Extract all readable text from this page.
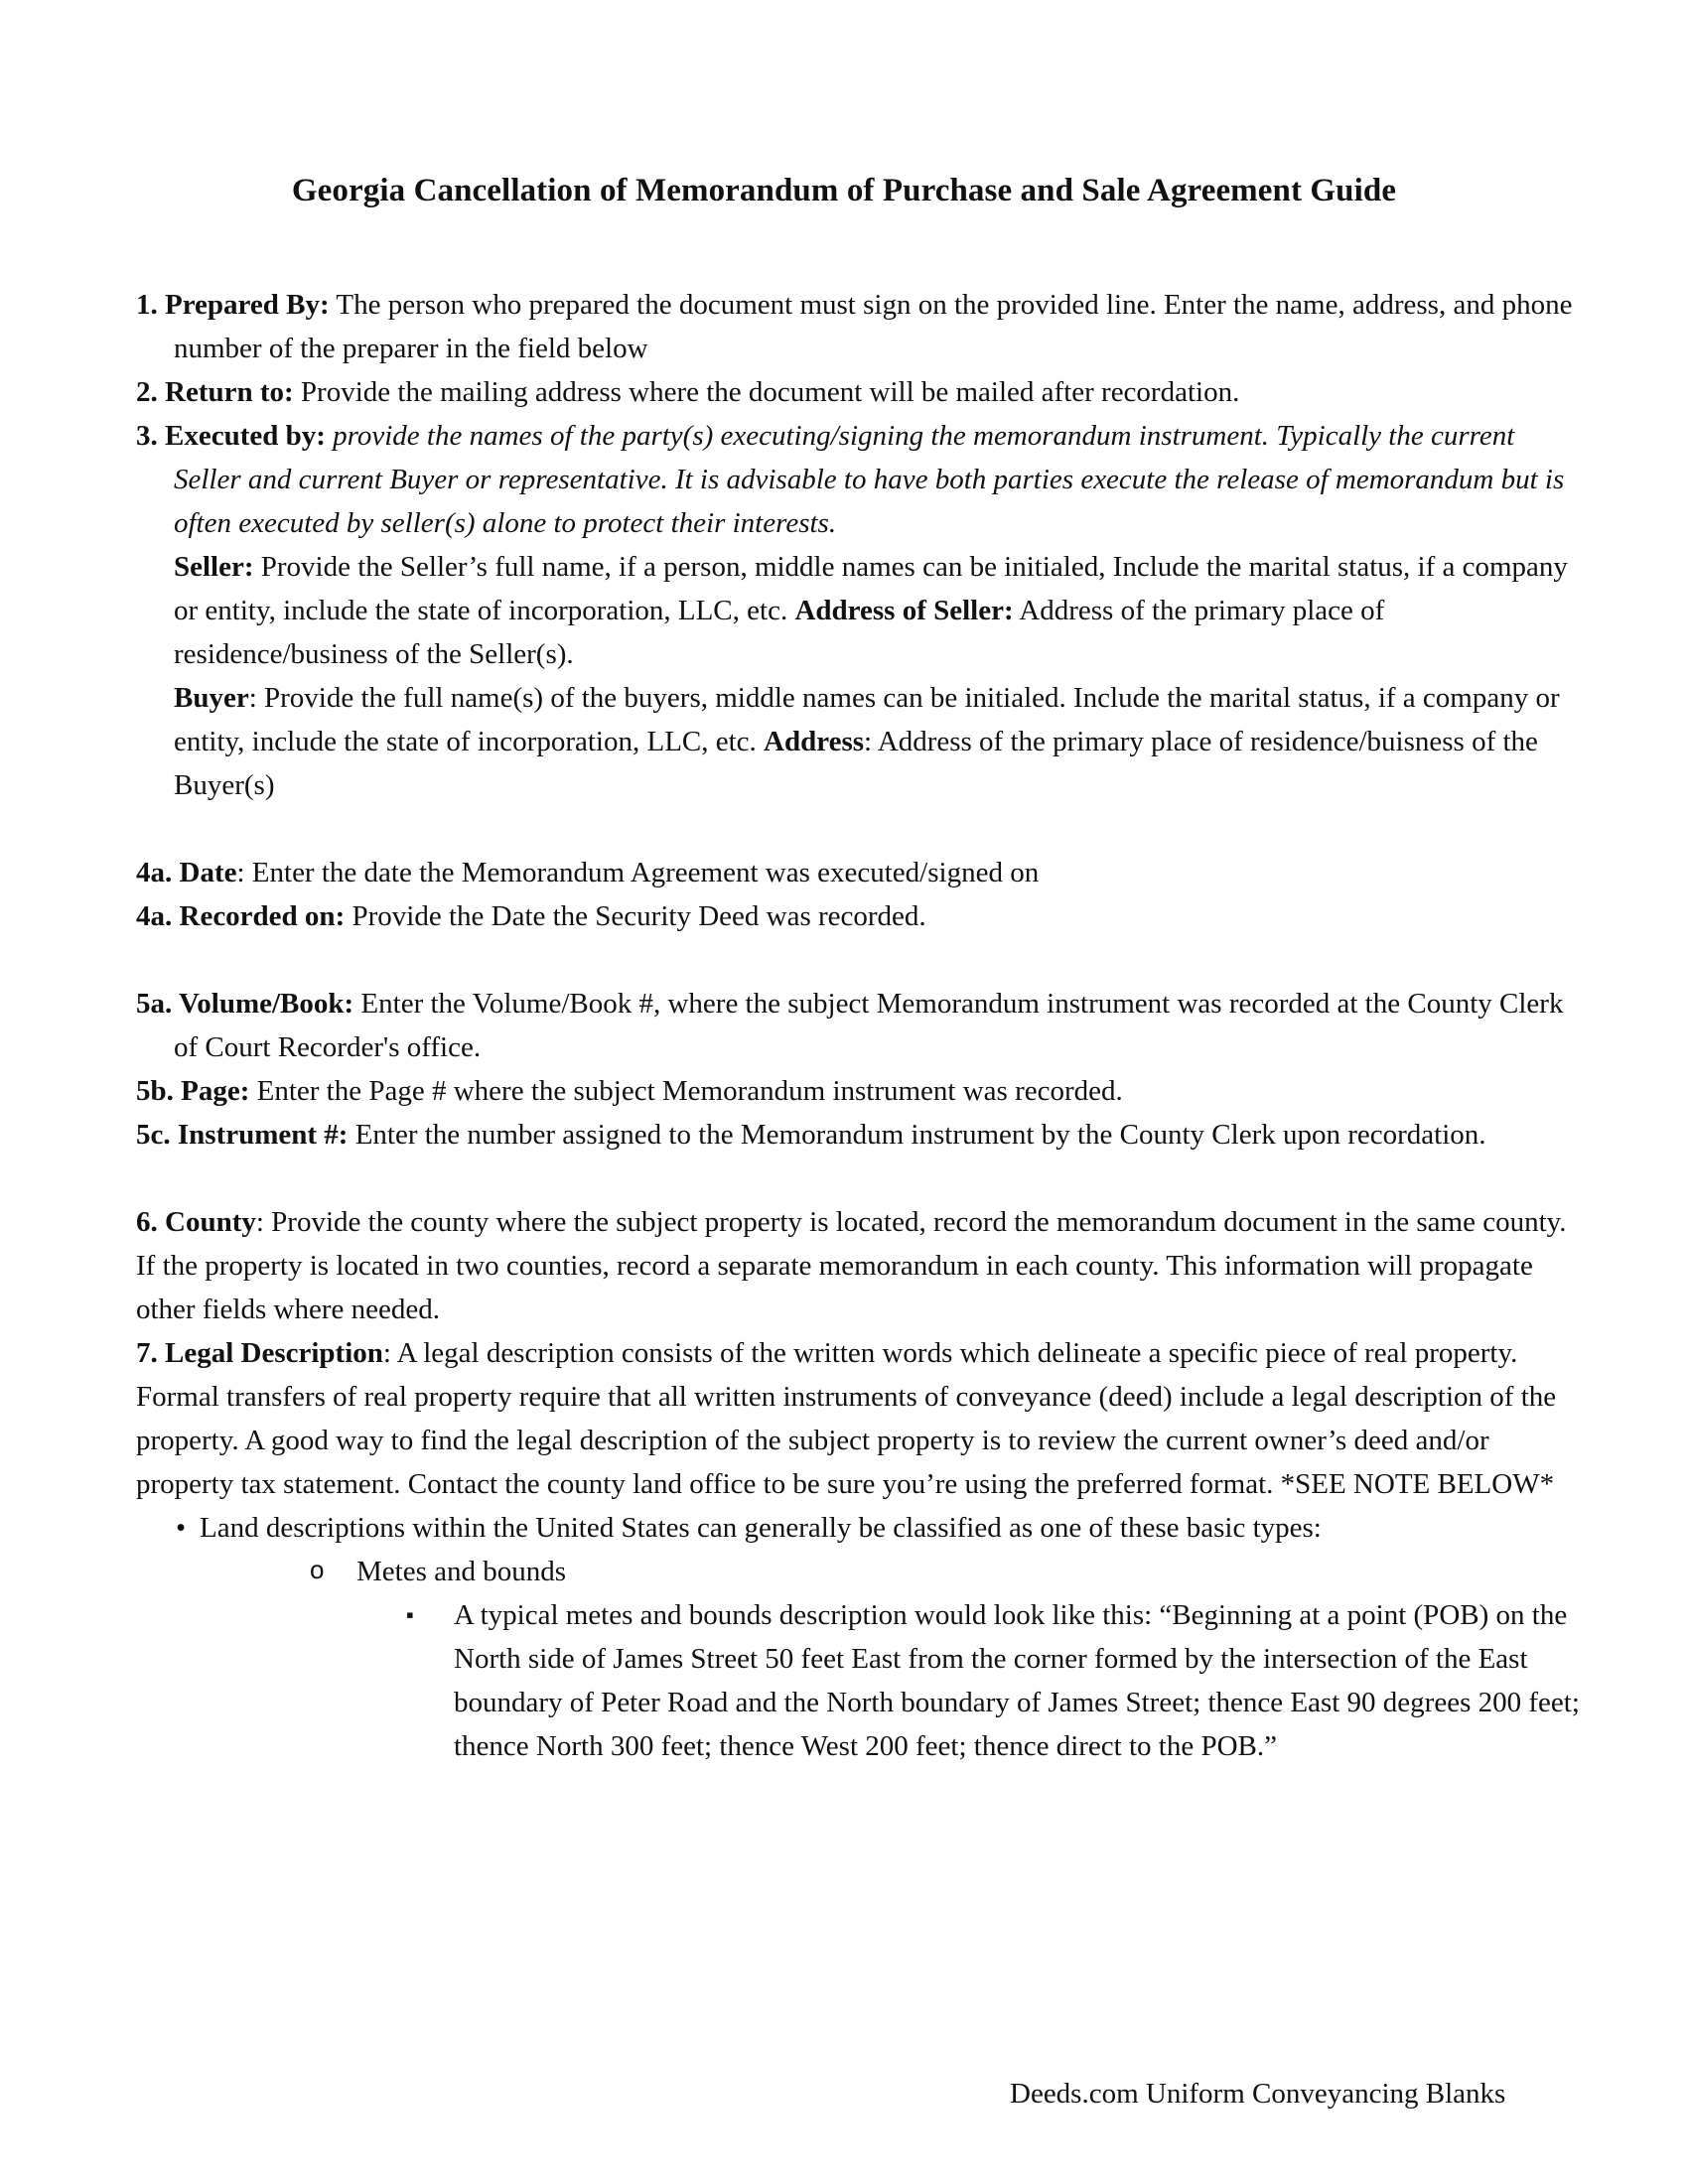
Georgia Cancellation of Memorandum of Purchase and Sale Agreement Guide

1. Prepared By: The person who prepared the document must sign on the provided line. Enter the name, address, and phone number of the preparer in the field below

2. Return to: Provide the mailing address where the document will be mailed after recordation.

3. Executed by: provide the names of the party(s) executing/signing the memorandum instrument. Typically the current Seller and current Buyer or representative. It is advisable to have both parties execute the release of memorandum but is often executed by seller(s) alone to protect their interests.

Seller: Provide the Seller’s full name, if a person, middle names can be initialed, Include the marital status, if a company or entity, include the state of incorporation, LLC, etc. Address of Seller: Address of the primary place of residence/business of the Seller(s).

Buyer: Provide the full name(s) of the buyers, middle names can be initialed. Include the marital status, if a company or entity, include the state of incorporation, LLC, etc. Address: Address of the primary place of residence/buisness of the Buyer(s)

4a. Date: Enter the date the Memorandum Agreement was executed/signed on

4a. Recorded on: Provide the Date the Security Deed was recorded.

5a. Volume/Book: Enter the Volume/Book #, where the subject Memorandum instrument was recorded at the County Clerk of Court Recorder's office.

5b. Page: Enter the Page # where the subject Memorandum instrument was recorded.

5c. Instrument #: Enter the number assigned to the Memorandum instrument by the County Clerk upon recordation.

6. County: Provide the county where the subject property is located, record the memorandum document in the same county. If the property is located in two counties, record a separate memorandum in each county. This information will propagate other fields where needed.

7. Legal Description: A legal description consists of the written words which delineate a specific piece of real property. Formal transfers of real property require that all written instruments of conveyance (deed) include a legal description of the property. A good way to find the legal description of the subject property is to review the current owner’s deed and/or property tax statement. Contact the county land office to be sure you’re using the preferred format. *SEE NOTE BELOW*

• Land descriptions within the United States can generally be classified as one of these basic types:

o Metes and bounds

▪ A typical metes and bounds description would look like this: “Beginning at a point (POB) on the North side of James Street 50 feet East from the corner formed by the intersection of the East boundary of Peter Road and the North boundary of James Street; thence East 90 degrees 200 feet; thence North 300 feet; thence West 200 feet; thence direct to the POB.”

Deeds.com Uniform Conveyancing Blanks
